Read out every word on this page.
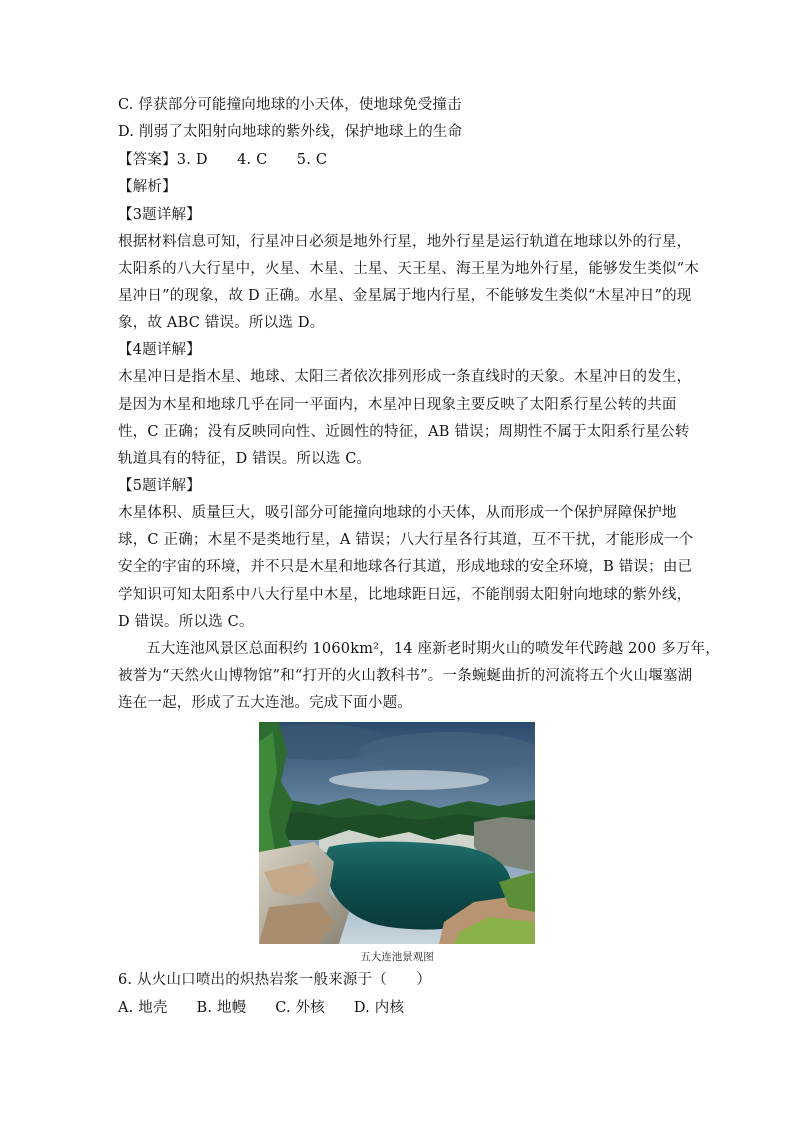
C. 俘获部分可能撞向地球的小天体，使地球免受撞击
D. 削弱了太阳射向地球的紫外线，保护地球上的生命
【答案】3. D　　4. C　　5. C
【解析】
【3题详解】
根据材料信息可知，行星冲日必须是地外行星，地外行星是运行轨道在地球以外的行星，
太阳系的八大行星中，火星、木星、土星、天王星、海王星为地外行星，能够发生类似“木
星冲日”的现象，故 D 正确。水星、金星属于地内行星，不能够发生类似“木星冲日”的现
象，故 ABC 错误。所以选 D。
【4题详解】
木星冲日是指木星、地球、太阳三者依次排列形成一条直线时的天象。木星冲日的发生，
是因为木星和地球几乎在同一平面内，木星冲日现象主要反映了太阳系行星公转的共面
性，C 正确；没有反映同向性、近圆性的特征，AB 错误；周期性不属于太阳系行星公转
轨道具有的特征，D 错误。所以选 C。
【5题详解】
木星体积、质量巨大，吸引部分可能撞向地球的小天体，从而形成一个保护屏障保护地
球，C 正确；木星不是类地行星，A 错误；八大行星各行其道，互不干扰，才能形成一个
安全的宇宙的环境，并不只是木星和地球各行其道，形成地球的安全环境，B 错误；由已
学知识可知太阳系中八大行星中木星，比地球距日远，不能削弱太阳射向地球的紫外线，
D 错误。所以选 C。
五大连池风景区总面积约 1060km²，14 座新老时期火山的喷发年代跨越 200 多万年，
被誉为“天然火山博物馆”和“打开的火山教科书”。一条蜿蜒曲折的河流将五个火山堰塞湖
连在一起，形成了五大连池。完成下面小题。
五大连池景观图
6. 从火山口喷出的炽热岩浆一般来源于（　　）
A. 地壳 B. 地幔 C. 外核 D. 内核
